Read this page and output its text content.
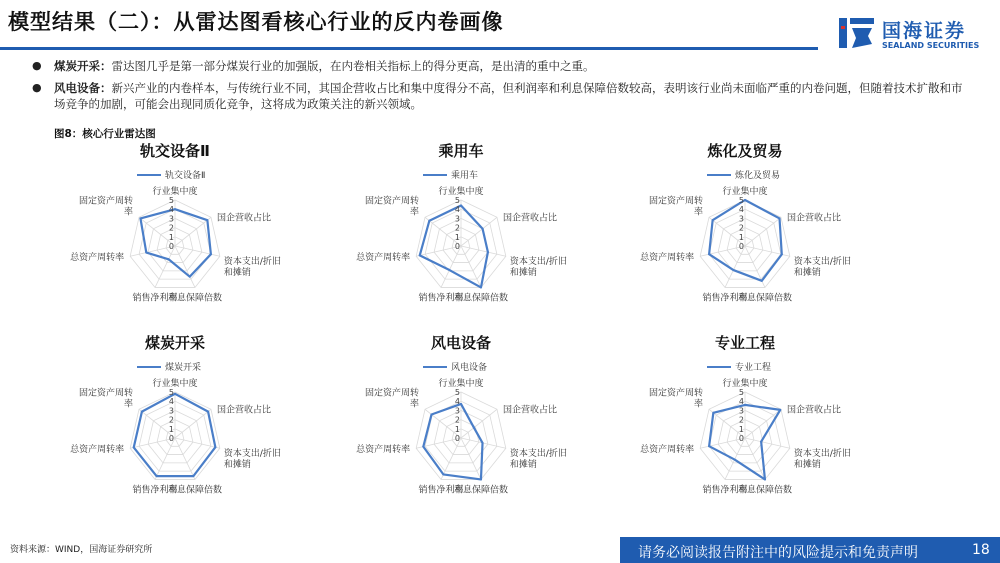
模型结果（二）：从雷达图看核心行业的反内卷画像	国海证券
SEALAND SECURITIES
● 煤炭开采：雷达图几乎是第一部分煤炭行业的加强版，在内卷相关指标上的得分更高，是出清的重中之重。
● 风电设备：新兴产业的内卷样本，与传统行业不同，其国企营收占比和集中度得分不高，但利润率和利息保障倍数较高，表明该行业尚未面临严重的内卷问题，但随着技术扩散和市场竞争的加剧，可能会出现同质化竞争，这将成为政策关注的新兴领域。
图8：核心行业雷达图
轨交设备Ⅱ
轨交设备Ⅱ
5
4
3
2
1
0
行业集中度
国企营收占比
资本支出/折旧和摊销
利息保障倍数
销售净利率
总资产周转率
固定资产周转率
乘用车
乘用车
5
4
3
2
1
0
行业集中度
国企营收占比
资本支出/折旧和摊销
利息保障倍数
销售净利率
总资产周转率
固定资产周转率
炼化及贸易
炼化及贸易
5
4
3
2
1
0
行业集中度
国企营收占比
资本支出/折旧和摊销
利息保障倍数
销售净利率
总资产周转率
固定资产周转率
煤炭开采
煤炭开采
5
4
3
2
1
0
行业集中度
国企营收占比
资本支出/折旧和摊销
利息保障倍数
销售净利率
总资产周转率
固定资产周转率
风电设备
风电设备
5
4
3
2
1
0
行业集中度
国企营收占比
资本支出/折旧和摊销
利息保障倍数
销售净利率
总资产周转率
固定资产周转率
专业工程
专业工程
5
4
3
2
1
0
行业集中度
国企营收占比
资本支出/折旧和摊销
利息保障倍数
销售净利率
总资产周转率
固定资产周转率
资料来源：WIND，国海证券研究所	请务必阅读报告附注中的风险提示和免责声明	18
